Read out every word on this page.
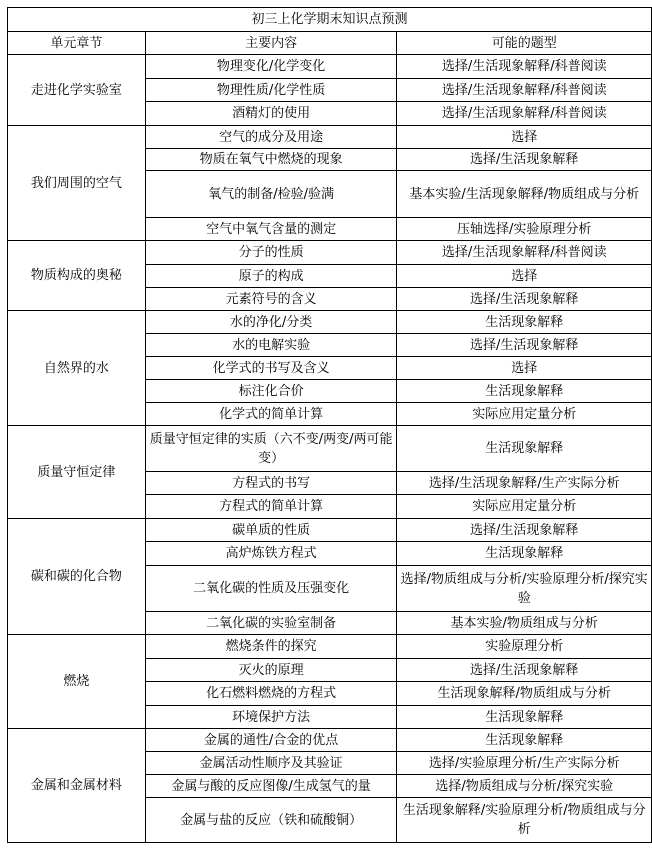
初三上化学期末知识点预测		
单元章节	主要内容	可能的题型
走进化学实验室	物理变化/化学变化	选择/生活现象解释/科普阅读
	物理性质/化学性质	选择/生活现象解释/科普阅读
	酒精灯的使用	选择/生活现象解释/科普阅读
我们周围的空气	空气的成分及用途	选择
	物质在氧气中燃烧的现象	选择/生活现象解释
	氧气的制备/检验/验满	基本实验/生活现象解释/物质组成与分析
	空气中氧气含量的测定	压轴选择/实验原理分析
物质构成的奥秘	分子的性质	选择/生活现象解释/科普阅读
	原子的构成	选择
	元素符号的含义	选择/生活现象解释
自然界的水	水的净化/分类	生活现象解释
	水的电解实验	选择/生活现象解释
	化学式的书写及含义	选择
	标注化合价	生活现象解释
	化学式的简单计算	实际应用定量分析
质量守恒定律	质量守恒定律的实质（六不变/两变/两可能变）	生活现象解释
	方程式的书写	选择/生活现象解释/生产实际分析
	方程式的简单计算	实际应用定量分析
碳和碳的化合物	碳单质的性质	选择/生活现象解释
	高炉炼铁方程式	生活现象解释
	二氧化碳的性质及压强变化	选择/物质组成与分析/实验原理分析/探究实验
	二氧化碳的实验室制备	基本实验/物质组成与分析
燃烧	燃烧条件的探究	实验原理分析
	灭火的原理	选择/生活现象解释
	化石燃料燃烧的方程式	生活现象解释/物质组成与分析
	环境保护方法	生活现象解释
金属和金属材料	金属的通性/合金的优点	生活现象解释
	金属活动性顺序及其验证	选择/实验原理分析/生产实际分析
	金属与酸的反应图像/生成氢气的量	选择/物质组成与分析/探究实验
	金属与盐的反应（铁和硫酸铜）	生活现象解释/实验原理分析/物质组成与分析
